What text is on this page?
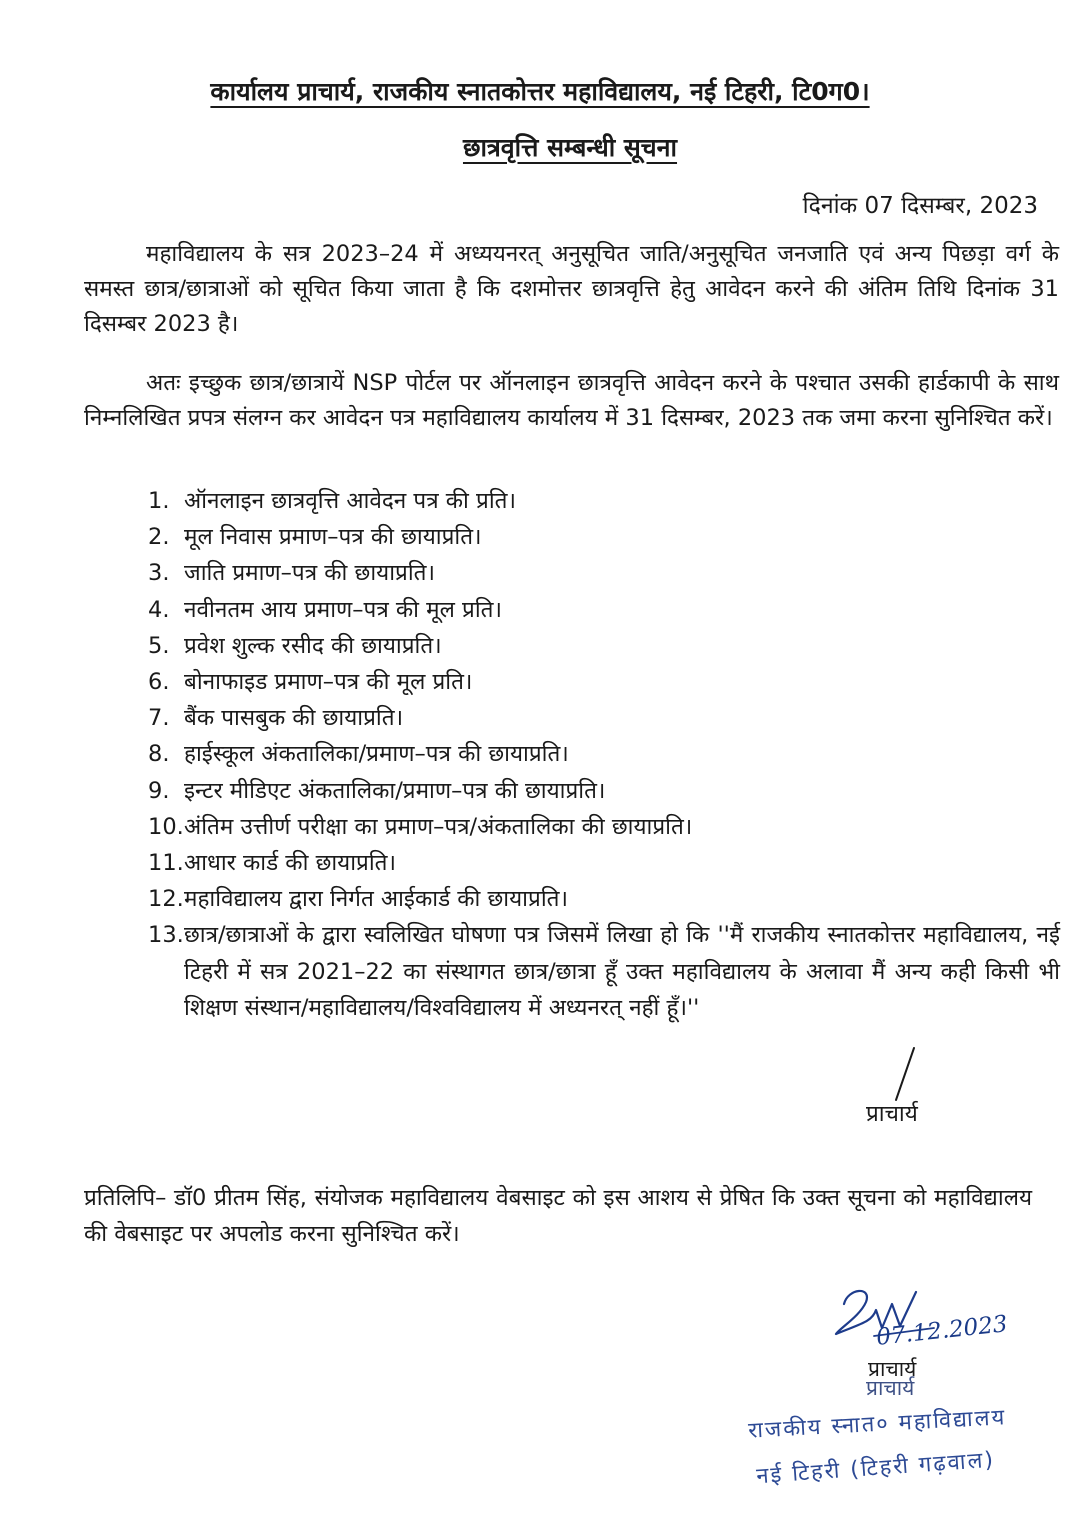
कार्यालय प्राचार्य, राजकीय स्नातकोत्तर महाविद्यालय, नई टिहरी, टि0ग0।
छात्रवृत्ति सम्बन्धी सूचना
दिनांक 07 दिसम्बर, 2023
महाविद्यालय के सत्र 2023–24 में अध्ययनरत् अनुसूचित जाति/अनुसूचित जनजाति एवं अन्य पिछड़ा वर्ग के समस्त छात्र/छात्राओं को सूचित किया जाता है कि दशमोत्तर छात्रवृत्ति हेतु आवेदन करने की अंतिम तिथि दिनांक 31 दिसम्बर 2023 है।
अतः इच्छुक छात्र/छात्रायें NSP पोर्टल पर ऑनलाइन छात्रवृत्ति आवेदन करने के पश्चात उसकी हार्डकापी के साथ निम्नलिखित प्रपत्र संलग्न कर आवेदन पत्र महाविद्यालय कार्यालय में 31 दिसम्बर, 2023 तक जमा करना सुनिश्चित करें।
1. ऑनलाइन छात्रवृत्ति आवेदन पत्र की प्रति।
2. मूल निवास प्रमाण–पत्र की छायाप्रति।
3. जाति प्रमाण–पत्र की छायाप्रति।
4. नवीनतम आय प्रमाण–पत्र की मूल प्रति।
5. प्रवेश शुल्क रसीद की छायाप्रति।
6. बोनाफाइड प्रमाण–पत्र की मूल प्रति।
7. बैंक पासबुक की छायाप्रति।
8. हाईस्कूल अंकतालिका/प्रमाण–पत्र की छायाप्रति।
9. इन्टर मीडिएट अंकतालिका/प्रमाण–पत्र की छायाप्रति।
10. अंतिम उत्तीर्ण परीक्षा का प्रमाण–पत्र/अंकतालिका की छायाप्रति।
11. आधार कार्ड की छायाप्रति।
12. महाविद्यालय द्वारा निर्गत आईकार्ड की छायाप्रति।
13. छात्र/छात्राओं के द्वारा स्वलिखित घोषणा पत्र जिसमें लिखा हो कि ''मैं राजकीय स्नातकोत्तर महाविद्यालय, नई टिहरी में सत्र 2021–22 का संस्थागत छात्र/छात्रा हूँ उक्त महाविद्यालय के अलावा मैं अन्य कही किसी भी शिक्षण संस्थान/महाविद्यालय/विश्वविद्यालय में अध्यनरत् नहीं हूँ।''
प्राचार्य
प्रतिलिपि– डॉ0 प्रीतम सिंह, संयोजक महाविद्यालय वेबसाइट को इस आशय से प्रेषित कि उक्त सूचना को महाविद्यालय की वेबसाइट पर अपलोड करना सुनिश्चित करें।
07.12.2023
प्राचार्य
प्राचार्य
राजकीय स्नात० महाविद्यालय
नई टिहरी (टिहरी गढ़वाल)
